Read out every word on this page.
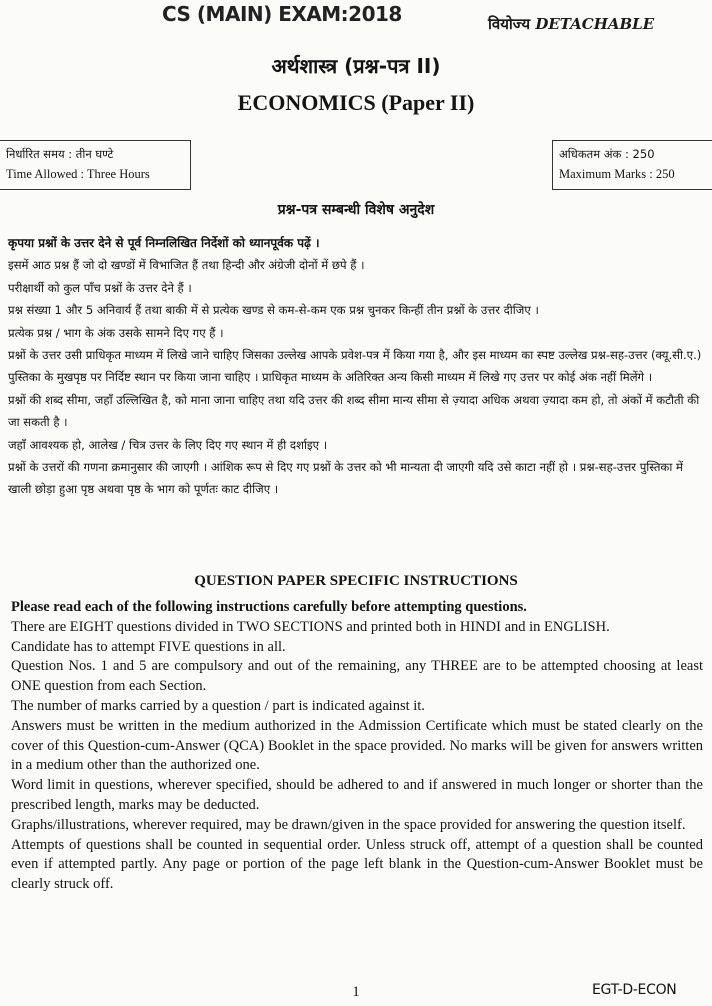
CS (MAIN) EXAM:2018	वियोज्य DETACHABLE
अर्थशास्त्र (प्रश्न-पत्र II)
ECONOMICS (Paper II)
निर्धारित समय : तीन घण्टे
Time Allowed : Three Hours
अधिकतम अंक : 250
Maximum Marks : 250
प्रश्न-पत्र सम्बन्धी विशेष अनुदेश

कृपया प्रश्नों के उत्तर देने से पूर्व निम्नलिखित निर्देशों को ध्यानपूर्वक पढ़ें ।

इसमें आठ प्रश्न हैं जो दो खण्डों में विभाजित हैं तथा हिन्दी और अंग्रेजी दोनों में छपे हैं ।

परीक्षार्थी को कुल पाँच प्रश्नों के उत्तर देने हैं ।

प्रश्न संख्या 1 और 5 अनिवार्य हैं तथा बाकी में से प्रत्येक खण्ड से कम-से-कम एक प्रश्न चुनकर किन्हीं तीन प्रश्नों के उत्तर दीजिए ।

प्रत्येक प्रश्न / भाग के अंक उसके सामने दिए गए हैं ।

प्रश्नों के उत्तर उसी प्राधिकृत माध्यम में लिखे जाने चाहिए जिसका उल्लेख आपके प्रवेश-पत्र में किया गया है, और इस माध्यम का स्पष्ट उल्लेख प्रश्न-सह-उत्तर (क्यू.सी.ए.) पुस्तिका के मुखपृष्ठ पर निर्दिष्ट स्थान पर किया जाना चाहिए । प्राधिकृत माध्यम के अतिरिक्त अन्य किसी माध्यम में लिखे गए उत्तर पर कोई अंक नहीं मिलेंगे ।

प्रश्नों की शब्द सीमा, जहाँ उल्लिखित है, को माना जाना चाहिए तथा यदि उत्तर की शब्द सीमा मान्य सीमा से ज़्यादा अधिक अथवा ज़्यादा कम हो, तो अंकों में कटौती की जा सकती है ।

जहाँ आवश्यक हो, आलेख / चित्र उत्तर के लिए दिए गए स्थान में ही दर्शाइए ।

प्रश्नों के उत्तरों की गणना क्रमानुसार की जाएगी । आंशिक रूप से दिए गए प्रश्नों के उत्तर को भी मान्यता दी जाएगी यदि उसे काटा नहीं हो । प्रश्न-सह-उत्तर पुस्तिका में खाली छोड़ा हुआ पृष्ठ अथवा पृष्ठ के भाग को पूर्णतः काट दीजिए ।

QUESTION PAPER SPECIFIC INSTRUCTIONS

Please read each of the following instructions carefully before attempting questions.

There are EIGHT questions divided in TWO SECTIONS and printed both in HINDI and in ENGLISH.

Candidate has to attempt FIVE questions in all.

Question Nos. 1 and 5 are compulsory and out of the remaining, any THREE are to be attempted choosing at least ONE question from each Section.

The number of marks carried by a question / part is indicated against it.

Answers must be written in the medium authorized in the Admission Certificate which must be stated clearly on the cover of this Question-cum-Answer (QCA) Booklet in the space provided. No marks will be given for answers written in a medium other than the authorized one.

Word limit in questions, wherever specified, should be adhered to and if answered in much longer or shorter than the prescribed length, marks may be deducted.

Graphs/illustrations, wherever required, may be drawn/given in the space provided for answering the question itself.

Attempts of questions shall be counted in sequential order. Unless struck off, attempt of a question shall be counted even if attempted partly. Any page or portion of the page left blank in the Question-cum-Answer Booklet must be clearly struck off.

1	EGT-D-ECON
